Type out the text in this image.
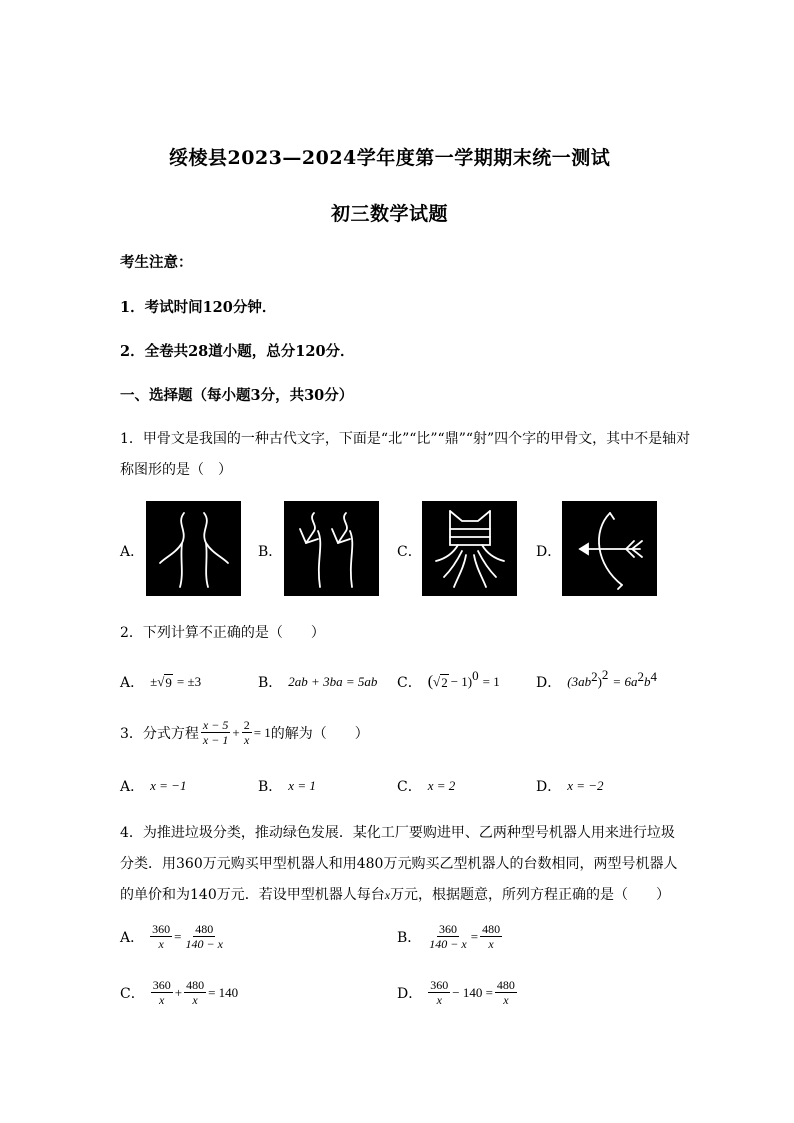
绥棱县2023—2024学年度第一学期期末统一测试
初三数学试题
考生注意：
1．考试时间120分钟．
2．全卷共28道小题，总分120分．
一、选择题（每小题3分，共30分）
1．甲骨文是我国的一种古代文字，下面是“北”“比”“鼎”“射”四个字的甲骨文，其中不是轴对
称图形的是（　）
A．	B．	C．	D．
2．下列计算不正确的是（　　）
A． ± √ 9 = ±3	B． 2ab + 3ba = 5ab C． ( √ 2 − 1)$^0$ = 1	D． ($3ab^2$ )$^2 = 6a^2$ $b^4$
3．分式方程 $\frac{x - 5}{x - 1} + \frac{2}{x} = 1$ 的解为（　　）
A． x = −1	B． x = 1	C． x = 2	D． x = −2
4．为推进垃圾分类，推动绿色发展．某化工厂要购进甲、乙两种型号机器人用来进行垃圾
分类．用360万元购买甲型机器人和用480万元购买乙型机器人的台数相同，两型号机器人
的单价和为140万元．若设甲型机器人每台x万元，根据题意，所列方程正确的是（　　）
A． $\frac{360}{x} = \frac{480}{140 - x}$	B． $\frac{360}{140 - x} = \frac{480}{x}$
C． $\frac{360}{x} + \frac{480}{x} = 140$	D． $\frac{360}{x} - 140 = \frac{480}{x}$
